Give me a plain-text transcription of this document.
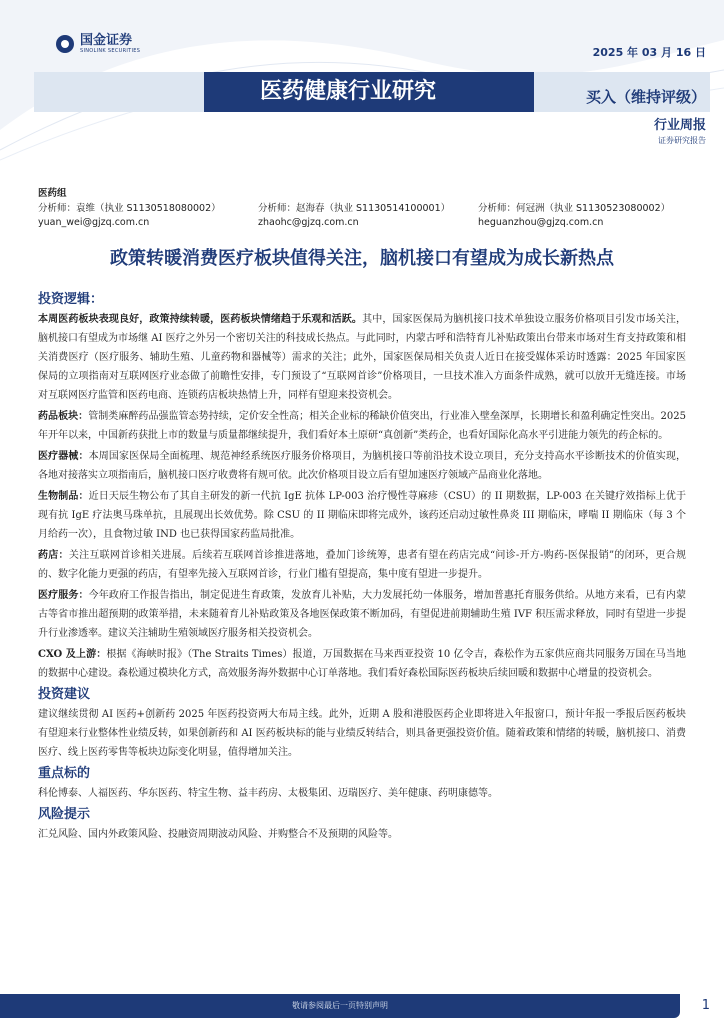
国金证券
SINOLINK SECURITIES	2025 年 03 月 16 日
医药健康行业研究	买入（维持评级）
行业周报
证券研究报告
医药组
分析师：袁维（执业 S1130518080002）
yuan_wei@gjzq.com.cn
分析师：赵海春（执业 S1130514100001）
zhaohc@gjzq.com.cn
分析师：何冠洲（执业 S1130523080002）
heguanzhou@gjzq.com.cn
政策转暖消费医疗板块值得关注，脑机接口有望成为成长新热点
投资逻辑：

本周医药板块表现良好，政策持续转暖，医药板块情绪趋于乐观和活跃。其中，国家医保局为脑机接口技术单独设立服务价格项目引发市场关注，脑机接口有望成为市场继 AI 医疗之外另一个密切关注的科技成长热点。与此同时，内蒙古呼和浩特育儿补贴政策出台带来市场对生育支持政策和相关消费医疗（医疗服务、辅助生殖、儿童药物和器械等）需求的关注；此外，国家医保局相关负责人近日在接受媒体采访时透露：2025 年国家医保局的立项指南对互联网医疗业态做了前瞻性安排，专门预设了“互联网首诊”价格项目，一旦技术准入方面条件成熟，就可以放开无缝连接。市场对互联网医疗监管和医药电商、连锁药店板块热情上升，同样有望迎来投资机会。

药品板块：管制类麻醉药品强监管态势持续，定价安全性高；相关企业标的稀缺价值突出，行业准入壁垒深厚，长期增长和盈利确定性突出。2025 年开年以来，中国新药获批上市的数量与质量都继续提升，我们看好本土原研“真创新”类药企，也看好国际化高水平引进能力领先的药企标的。

医疗器械：本周国家医保局全面梳理、规范神经系统医疗服务价格项目，为脑机接口等前沿技术设立项目，充分支持高水平诊断技术的价值实现，各地对接落实立项指南后，脑机接口医疗收费将有规可依。此次价格项目设立后有望加速医疗领域产品商业化落地。

生物制品：近日天辰生物公布了其自主研发的新一代抗 IgE 抗体 LP-003 治疗慢性荨麻疹（CSU）的 II 期数据，LP-003 在关键疗效指标上优于现有抗 IgE 疗法奥马珠单抗，且展现出长效优势。除 CSU 的 II 期临床即将完成外，该药还启动过敏性鼻炎 III 期临床，哮喘 II 期临床（每 3 个月给药一次），且食物过敏 IND 也已获得国家药监局批准。

药店：关注互联网首诊相关进展。后续若互联网首诊推进落地，叠加门诊统筹，患者有望在药店完成“问诊-开方-购药-医保报销”的闭环，更合规的、数字化能力更强的药店，有望率先接入互联网首诊，行业门槛有望提高，集中度有望进一步提升。

医疗服务：今年政府工作报告指出，制定促进生育政策，发放育儿补贴，大力发展托幼一体服务，增加普惠托育服务供给。从地方来看，已有内蒙古等省市推出超预期的政策举措，未来随着育儿补贴政策及各地医保政策不断加码，有望促进前期辅助生殖 IVF 积压需求释放，同时有望进一步提升行业渗透率。建议关注辅助生殖领域医疗服务相关投资机会。

CXO 及上游：根据《海峡时报》（The Straits Times）报道，万国数据在马来西亚投资 10 亿令吉，森松作为五家供应商共同服务万国在马当地的数据中心建设。森松通过模块化方式，高效服务海外数据中心订单落地。我们看好森松国际医药板块后续回暖和数据中心增量的投资机会。

投资建议

建议继续贯彻 AI 医药+创新药 2025 年医药投资两大布局主线。此外，近期 A 股和港股医药企业即将进入年报窗口，预计年报一季报后医药板块有望迎来行业整体性业绩反转，如果创新药和 AI 医药板块标的能与业绩反转结合，则具备更强投资价值。随着政策和情绪的转暖，脑机接口、消费医疗、线上医药零售等板块边际变化明显，值得增加关注。

重点标的

科伦博泰、人福医药、华东医药、特宝生物、益丰药房、太极集团、迈瑞医疗、美年健康、药明康德等。

风险提示

汇兑风险、国内外政策风险、投融资周期波动风险、并购整合不及预期的风险等。

敬请参阅最后一页特别声明	1
